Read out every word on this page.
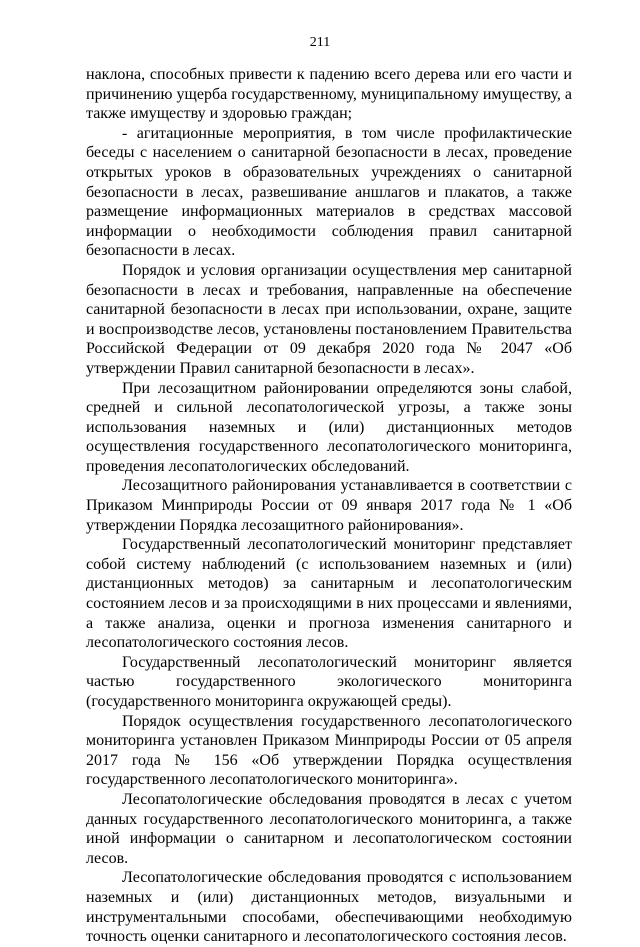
211

наклона, способных привести к падению всего дерева или его части и причинению ущерба государственному, муниципальному имуществу, а также имуществу и здоровью граждан;

- агитационные мероприятия, в том числе профилактические беседы с населением о санитарной безопасности в лесах, проведение открытых уроков в образовательных учреждениях о санитарной безопасности в лесах, развешивание аншлагов и плакатов, а также размещение информационных материалов в средствах массовой информации о необходимости соблюдения правил санитарной безопасности в лесах.

Порядок и условия организации осуществления мер санитарной безопасности в лесах и требования, направленные на обеспечение санитарной безопасности в лесах при использовании, охране, защите и воспроизводстве лесов, установлены постановлением Правительства Российской Федерации от 09 декабря 2020 года № 2047 «Об утверждении Правил санитарной безопасности в лесах».

При лесозащитном районировании определяются зоны слабой, средней и сильной лесопатологической угрозы, а также зоны использования наземных и (или) дистанционных методов осуществления государственного лесопатологического мониторинга, проведения лесопатологических обследований.

Лесозащитного районирования устанавливается в соответствии с Приказом Минприроды России от 09 января 2017 года № 1 «Об утверждении Порядка лесозащитного районирования».

Государственный лесопатологический мониторинг представляет собой систему наблюдений (с использованием наземных и (или) дистанционных методов) за санитарным и лесопатологическим состоянием лесов и за происходящими в них процессами и явлениями, а также анализа, оценки и прогноза изменения санитарного и лесопатологического состояния лесов.

Государственный лесопатологический мониторинг является частью государственного экологического мониторинга (государственного мониторинга окружающей среды).

Порядок осуществления государственного лесопатологического мониторинга установлен Приказом Минприроды России от 05 апреля 2017 года № 156 «Об утверждении Порядка осуществления государственного лесопатологического мониторинга».

Лесопатологические обследования проводятся в лесах с учетом данных государственного лесопатологического мониторинга, а также иной информации о санитарном и лесопатологическом состоянии лесов.

Лесопатологические обследования проводятся с использованием наземных и (или) дистанционных методов, визуальными и инструментальными способами, обеспечивающими необходимую точность оценки санитарного и лесопатологического состояния лесов.
